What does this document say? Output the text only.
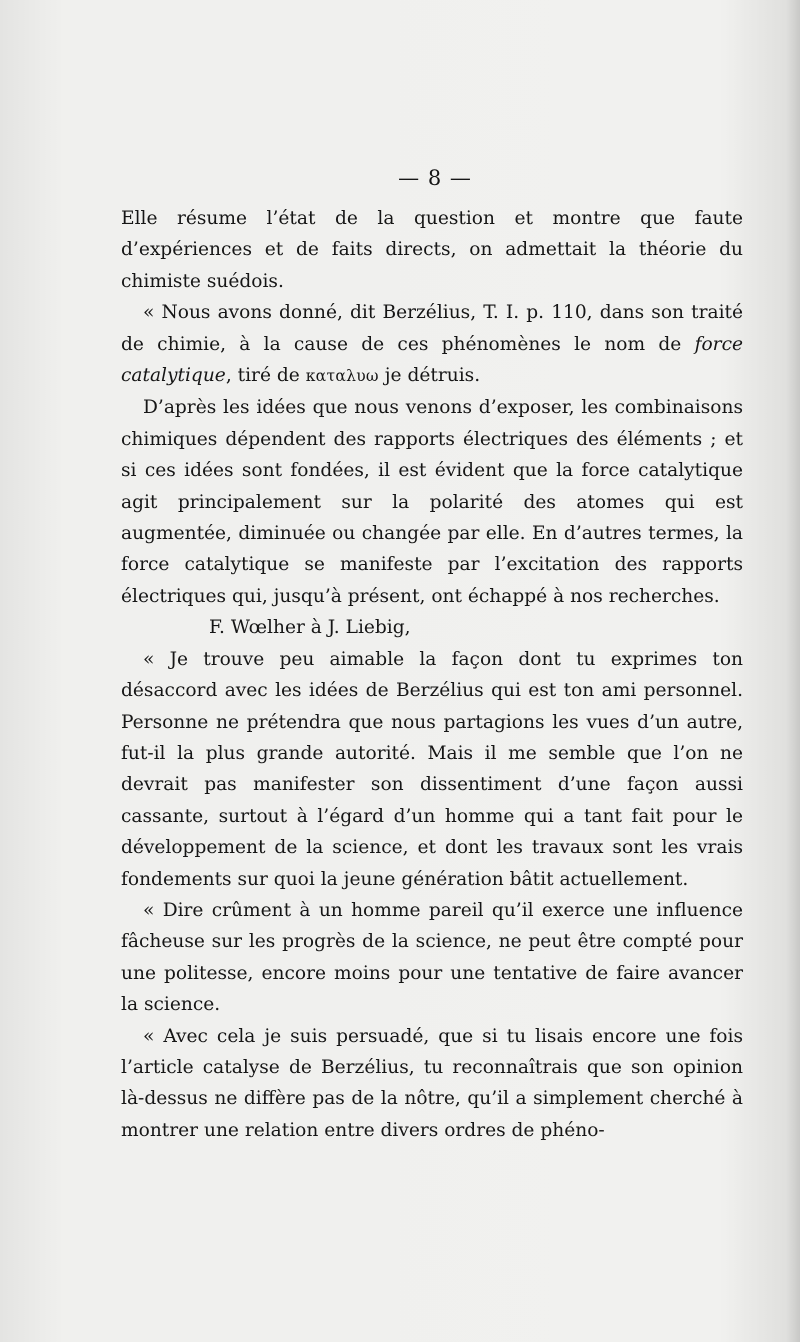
— 8 —

Elle résume l’état de la question et montre que faute d’expériences et de faits directs, on admettait la théorie du chimiste suédois.

« Nous avons donné, dit Berzélius, T. I. p. 110, dans son traité de chimie, à la cause de ces phénomènes le nom de force catalytique, tiré de καταλυω je détruis.

D’après les idées que nous venons d’exposer, les combinaisons chimiques dépendent des rapports électriques des éléments ; et si ces idées sont fondées, il est évident que la force catalytique agit principalement sur la polarité des atomes qui est augmentée, diminuée ou changée par elle. En d’autres termes, la force catalytique se manifeste par l’excitation des rapports électriques qui, jusqu’à présent, ont échappé à nos recherches.

F. Wœlher à J. Liebig,

« Je trouve peu aimable la façon dont tu exprimes ton désaccord avec les idées de Berzélius qui est ton ami personnel. Personne ne prétendra que nous partagions les vues d’un autre, fut-il la plus grande autorité. Mais il me semble que l’on ne devrait pas manifester son dissentiment d’une façon aussi cassante, surtout à l’égard d’un homme qui a tant fait pour le développement de la science, et dont les travaux sont les vrais fondements sur quoi la jeune génération bâtit actuellement.

« Dire crûment à un homme pareil qu’il exerce une influence fâcheuse sur les progrès de la science, ne peut être compté pour une politesse, encore moins pour une tentative de faire avancer la science.

« Avec cela je suis persuadé, que si tu lisais encore une fois l’article catalyse de Berzélius, tu reconnaîtrais que son opinion là-dessus ne diffère pas de la nôtre, qu’il a simplement cherché à montrer une relation entre divers ordres de phéno-
